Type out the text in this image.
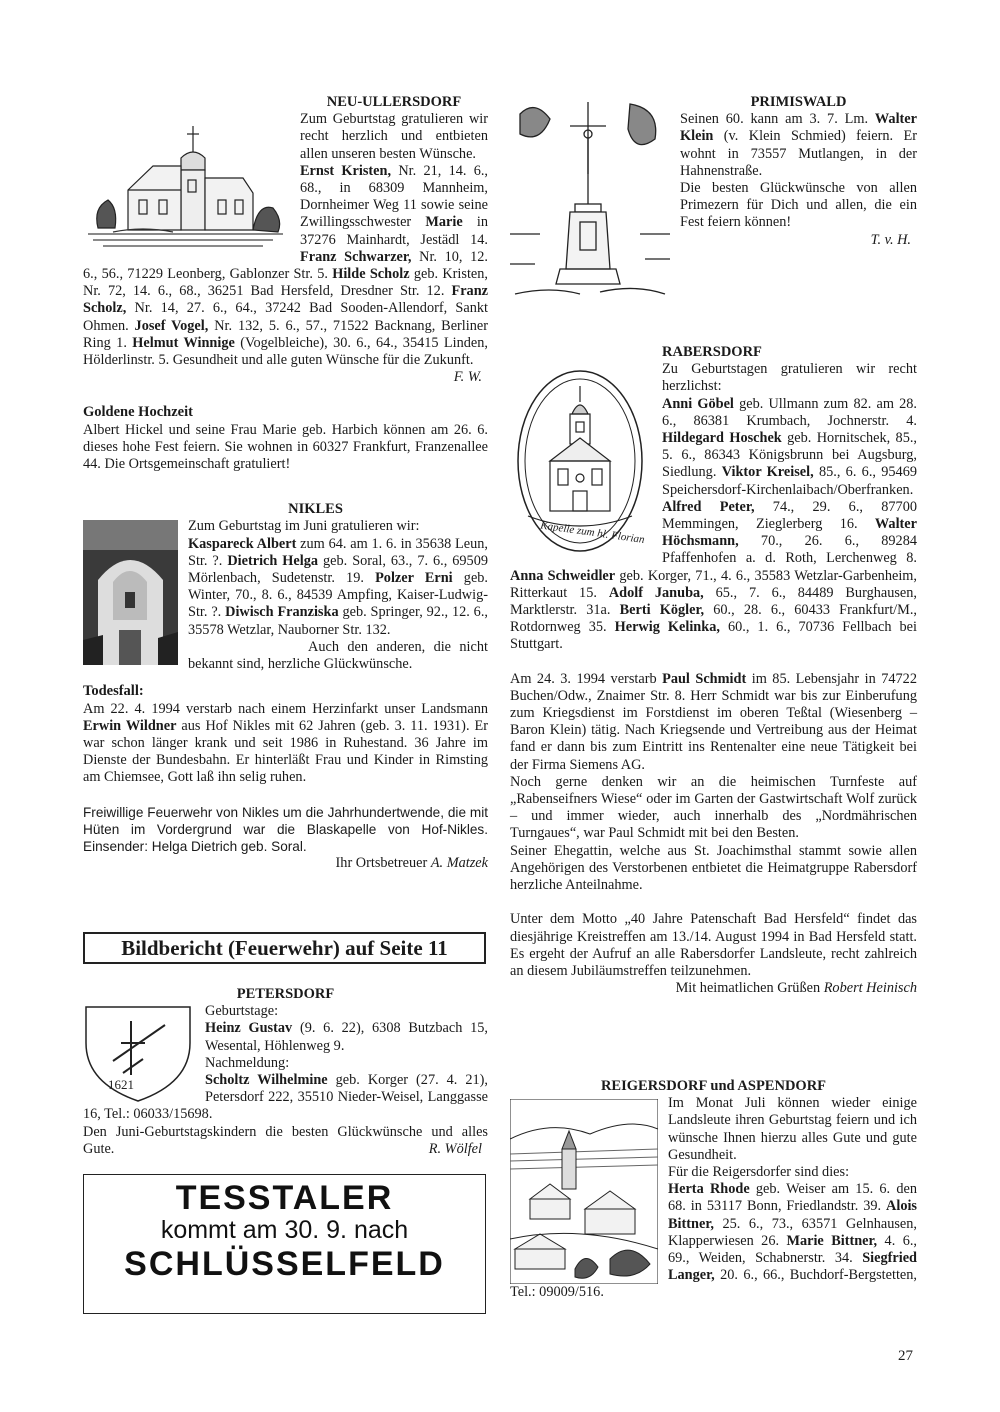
NEU-ULLERSDORF

Zum Geburtstag gratulieren wir recht herzlich und entbieten allen unseren besten Wünsche.

Ernst Kristen, Nr. 21, 14. 6., 68., in 68309 Mannheim, Dornheimer Weg 11 sowie seine Zwillingsschwester Marie in 37276 Mainhardt, Jestädl 14. Franz Schwarzer, Nr. 10, 12. 6., 56., 71229 Leonberg, Gablonzer Str. 5. Hilde Scholz geb. Kristen, Nr. 72, 14. 6., 68., 36251 Bad Hersfeld, Dresdner Str. 12. Franz Scholz, Nr. 14, 27. 6., 64., 37242 Bad Sooden-Allendorf, Sankt Ohmen. Josef Vogel, Nr. 132, 5. 6., 57., 71522 Backnang, Berliner Ring 1. Helmut Winnige (Vogelbleiche), 30. 6., 64., 35415 Linden, Hölderlinstr. 5. Gesundheit und alle guten Wünsche für die Zukunft.

F. W.

Goldene Hochzeit

Albert Hickel und seine Frau Marie geb. Harbich können am 26. 6. dieses hohe Fest feiern. Sie wohnen in 60327 Frankfurt, Franzenallee 44. Die Ortsgemeinschaft gratuliert!

NIKLES

Zum Geburtstag im Juni gratulieren wir:

Kaspareck Albert zum 64. am 1. 6. in 35638 Leun, Str. ?. Dietrich Helga geb. Soral, 63., 7. 6., 69509 Mörlenbach, Sudetenstr. 19. Polzer Erni geb. Winter, 70., 8. 6., 84539 Ampfing, Kaiser-Ludwig-Str. ?. Diwisch Franziska geb. Springer, 92., 12. 6., 35578 Wetzlar, Nauborner Str. 132.

Auch den anderen, die nicht bekannt sind, herzliche Glückwünsche.

Todesfall:

Am 22. 4. 1994 verstarb nach einem Herzinfarkt unser Landsmann Erwin Wildner aus Hof Nikles mit 62 Jahren (geb. 3. 11. 1931). Er war schon länger krank und seit 1986 in Ruhestand. 36 Jahre im Dienste der Bundesbahn. Er hinterläßt Frau und Kinder in Rimsting am Chiemsee, Gott laß ihn selig ruhen.

Freiwillige Feuerwehr von Nikles um die Jahrhundertwende, die mit Hüten im Vordergrund war die Blaskapelle von Hof-Nikles. Einsender: Helga Dietrich geb. Soral.

Ihr Ortsbetreuer A. Matzek

Bildbericht (Feuerwehr) auf Seite 11

PETERSDORF

1621

Geburtstage:

Heinz Gustav (9. 6. 22), 6308 Butzbach 15, Wesental, Höhlenweg 9.

Nachmeldung:

Scholtz Wilhelmine geb. Korger (27. 4. 21), Petersdorf 222, 35510 Nieder-Weisel, Langgasse 16, Tel.: 06033/15698.

Den Juni-Geburtstagskindern die besten Glückwünsche und alles Gute.	R. Wölfel

TESSTALER
kommt am 30. 9. nach
SCHLÜSSELFELD

PRIMISWALD

Seinen 60. kann am 3. 7. Lm. Walter Klein (v. Klein Schmied) feiern. Er wohnt in 73557 Mutlangen, in der Hahnenstraße.

Die besten Glückwünsche von allen Primezern für Dich und allen, die ein Fest feiern können!

T. v. H.

Kapelle zum hl. Florian

RABERSDORF

Zu Geburtstagen gratulieren wir recht herzlichst:

Anni Göbel geb. Ullmann zum 82. am 28. 6., 86381 Krumbach, Jochnerstr. 4. Hildegard Hoschek geb. Hornitschek, 85., 5. 6., 86343 Königsbrunn bei Augsburg, Siedlung. Viktor Kreisel, 85., 6. 6., 95469 Speichersdorf-Kirchenlaibach/Oberfranken. Alfred Peter, 74., 29. 6., 87700 Memmingen, Zieglerberg 16. Walter Höchsmann, 70., 26. 6., 89284 Pfaffenhofen a. d. Roth, Lerchenweg 8. Anna Schweidler geb. Korger, 71., 4. 6., 35583 Wetzlar-Garbenheim, Ritterkaut 15. Adolf Januba, 65., 7. 6., 84489 Burghausen, Marktlerstr. 31a. Berti Kögler, 60., 28. 6., 60433 Frankfurt/M., Rotdornweg 35. Herwig Kelinka, 60., 1. 6., 70736 Fellbach bei Stuttgart.

Am 24. 3. 1994 verstarb Paul Schmidt im 85. Lebensjahr in 74722 Buchen/Odw., Znaimer Str. 8. Herr Schmidt war bis zur Einberufung zum Kriegsdienst im Forstdienst im oberen Teßtal (Wiesenberg – Baron Klein) tätig. Nach Kriegsende und Vertreibung aus der Heimat fand er dann bis zum Eintritt ins Rentenalter eine neue Tätigkeit bei der Firma Siemens AG.

Noch gerne denken wir an die heimischen Turnfeste auf „Rabenseifners Wiese“ oder im Garten der Gastwirtschaft Wolf zurück – und immer wieder, auch innerhalb des „Nordmährischen Turngaues“, war Paul Schmidt mit bei den Besten.

Seiner Ehegattin, welche aus St. Joachimsthal stammt sowie allen Angehörigen des Verstorbenen entbietet die Heimatgruppe Rabersdorf herzliche Anteilnahme.

Unter dem Motto „40 Jahre Patenschaft Bad Hersfeld“ findet das diesjährige Kreistreffen am 13./14. August 1994 in Bad Hersfeld statt. Es ergeht der Aufruf an alle Rabersdorfer Landsleute, recht zahlreich an diesem Jubiläumstreffen teilzunehmen.

Mit heimatlichen Grüßen Robert Heinisch

REIGERSDORF und ASPENDORF

Im Monat Juli können wieder einige Landsleute ihren Geburtstag feiern und ich wünsche Ihnen hierzu alles Gute und gute Gesundheit.

Für die Reigersdorfer sind dies:

Herta Rhode geb. Weiser am 15. 6. den 68. in 53117 Bonn, Friedlandstr. 39. Alois Bittner, 25. 6., 73., 63571 Gelnhausen, Klapperwiesen 26. Marie Bittner, 4. 6., 69., Weiden, Schabnerstr. 34. Siegfried Langer, 20. 6., 66., Buchdorf-Bergstetten, Tel.: 09009/516.

27
